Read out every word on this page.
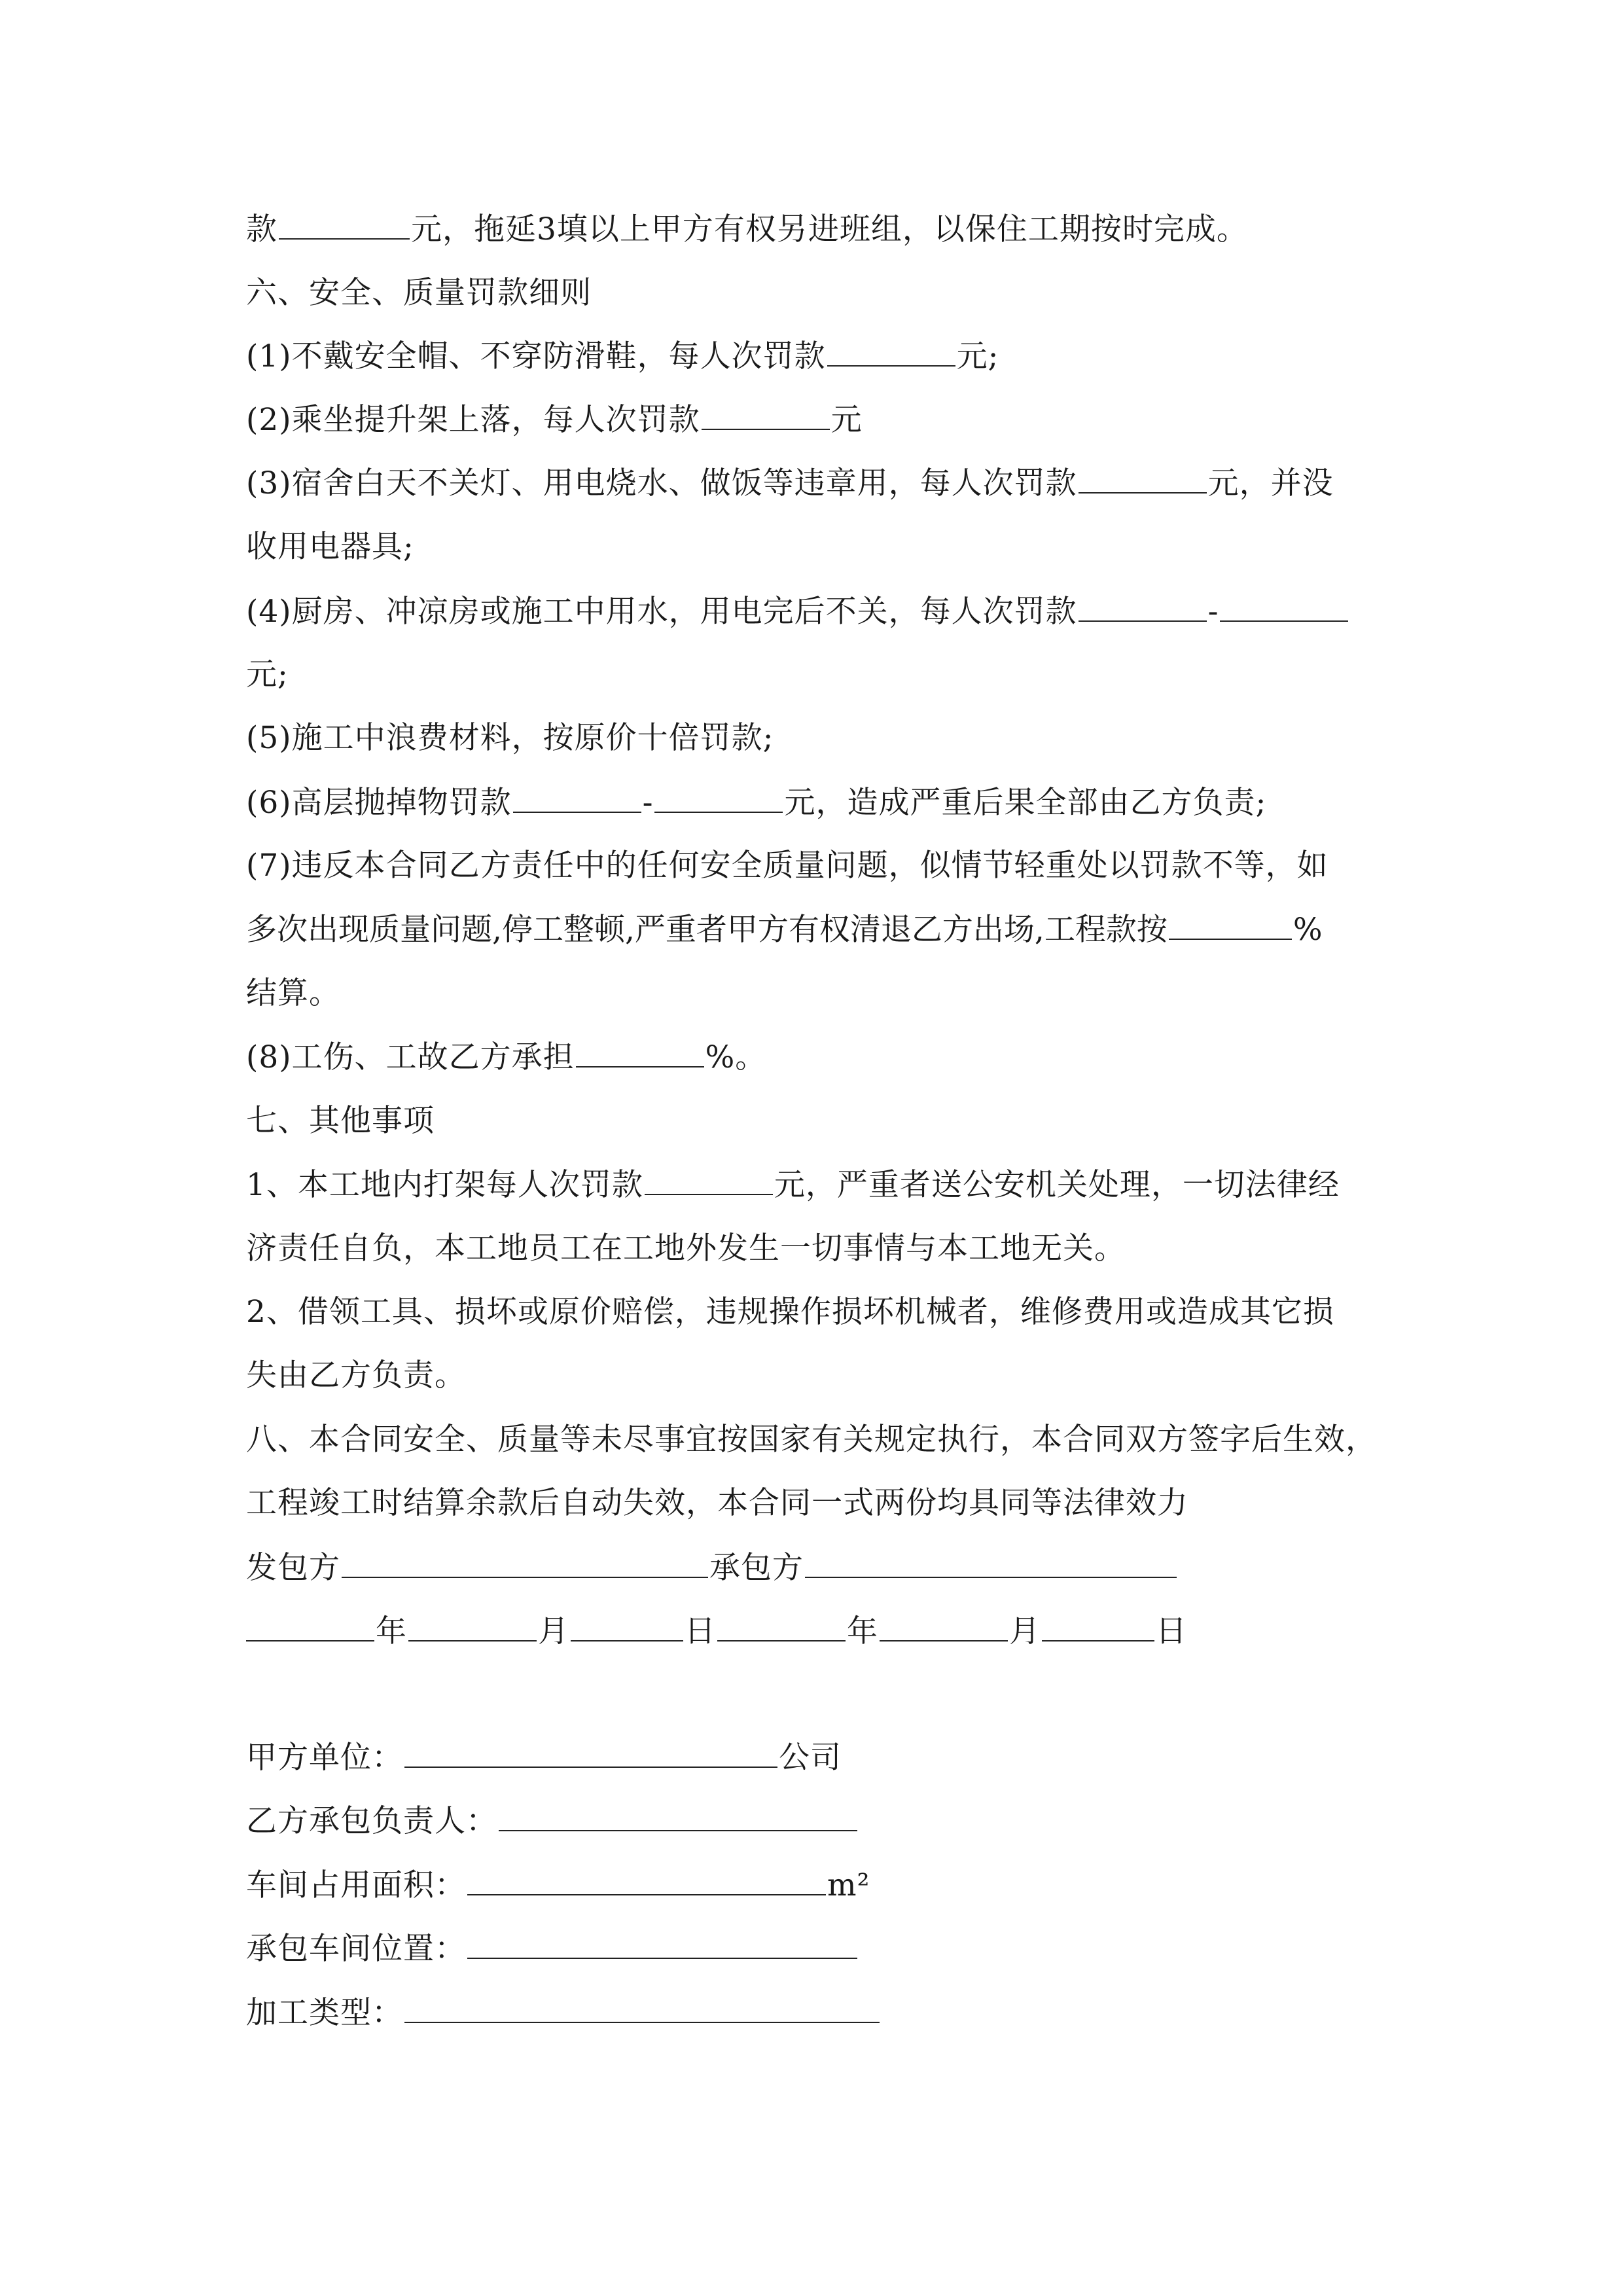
款	元，拖延3填以上甲方有权另进班组，以保住工期按时完成。
六、安全、质量罚款细则
(1)不戴安全帽、不穿防滑鞋，每人次罚款	元;
(2)乘坐提升架上落，每人次罚款	元
(3)宿舍白天不关灯、用电烧水、做饭等违章用，每人次罚款	元，并没
收用电器具;
(4)厨房、冲凉房或施工中用水，用电完后不关，每人次罚款	-
元;
(5)施工中浪费材料，按原价十倍罚款;
(6)高层抛掉物罚款	-	元，造成严重后果全部由乙方负责;
(7)违反本合同乙方责任中的任何安全质量问题，似情节轻重处以罚款不等，如
多次出现质量问题,停工整顿,严重者甲方有权清退乙方出场,工程款按	%
结算。
(8)工伤、工故乙方承担	%。
七、其他事项
1、本工地内打架每人次罚款	元，严重者送公安机关处理，一切法律经
济责任自负，本工地员工在工地外发生一切事情与本工地无关。
2、借领工具、损坏或原价赔偿，违规操作损坏机械者，维修费用或造成其它损
失由乙方负责。
八、本合同安全、质量等未尽事宜按国家有关规定执行，本合同双方签字后生效，
工程竣工时结算余款后自动失效，本合同一式两份均具同等法律效力
发包方	承包方
年	月	日	年	月	日
甲方单位：	公司
乙方承包负责人：
车间占用面积：	m²
承包车间位置：
加工类型：
